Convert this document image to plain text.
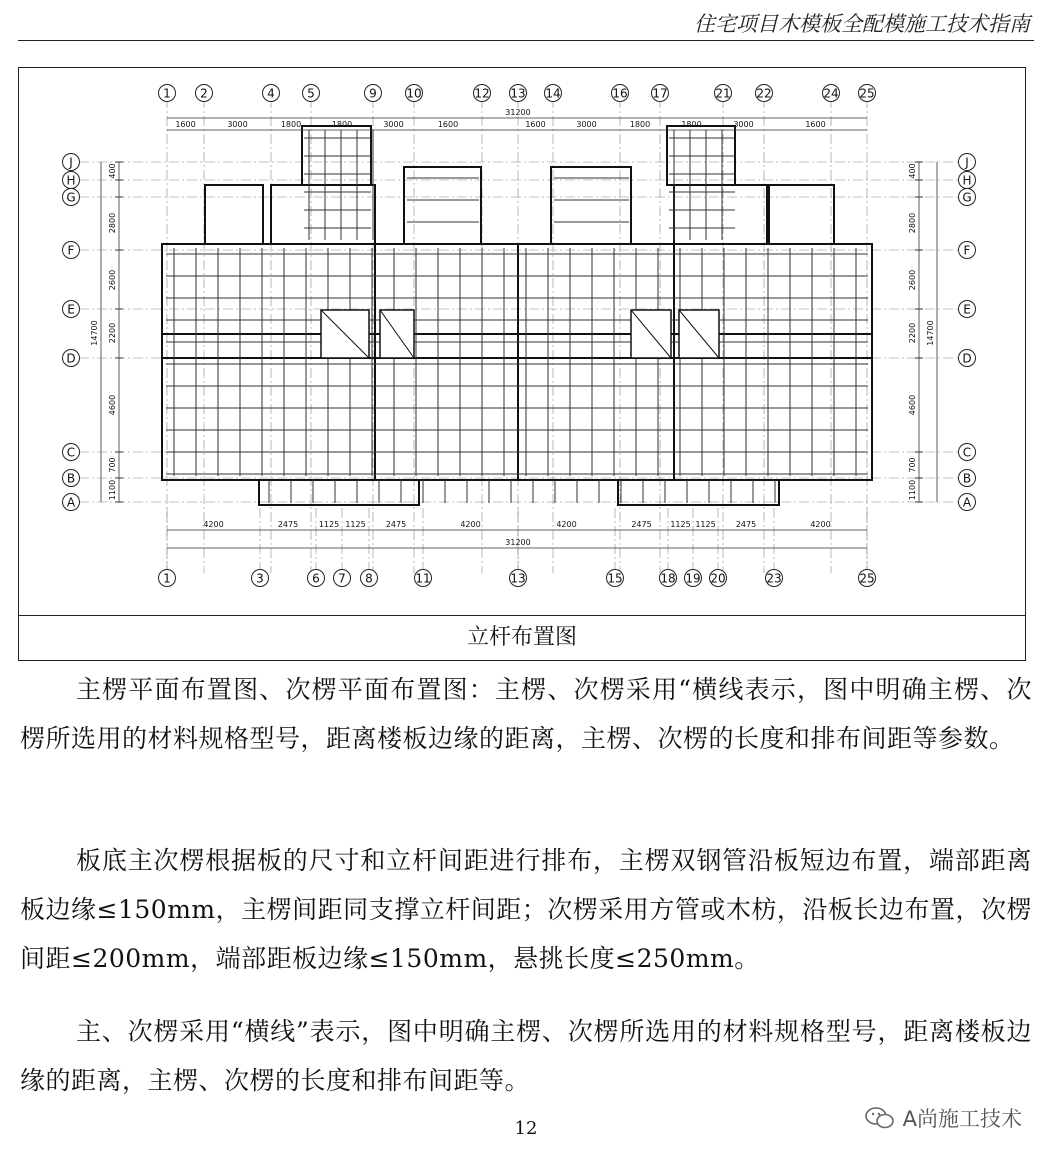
住宅项目木模板全配模施工技术指南
1 2	4	5	9 10	12 13 14	16 17	21 22	24 25
1	3	6 7 8	11	13	15	18 19 20	23	25
J	J
H	H
G	G
F	F
E	E
D	D
C	C
B	B
A	A
31200
1600	3000	1800	1800	3000	1600	1600	3000	1800	1800	3000	1600
31200
4200	2475	1125 1125	2475	4200	4200	2475 1125 1125	2475	4200
400
2800
2600
2200
4600
700
1100
400
2800
2600
2200
4600
700
1100
14700	14700
立杆布置图

主楞平面布置图、次楞平面布置图：主楞、次楞采用“横线表示，图中明确主楞、次楞所选用的材料规格型号，距离楼板边缘的距离，主楞、次楞的长度和排布间距等参数。

板底主次楞根据板的尺寸和立杆间距进行排布，主楞双钢管沿板短边布置，端部距离板边缘≤150mm，主楞间距同支撑立杆间距；次楞采用方管或木枋，沿板长边布置，次楞间距≤200mm，端部距板边缘≤150mm，悬挑长度≤250mm。

主、次楞采用“横线”表示，图中明确主楞、次楞所选用的材料规格型号，距离楼板边缘的距离，主楞、次楞的长度和排布间距等。

12	A尚施工技术
